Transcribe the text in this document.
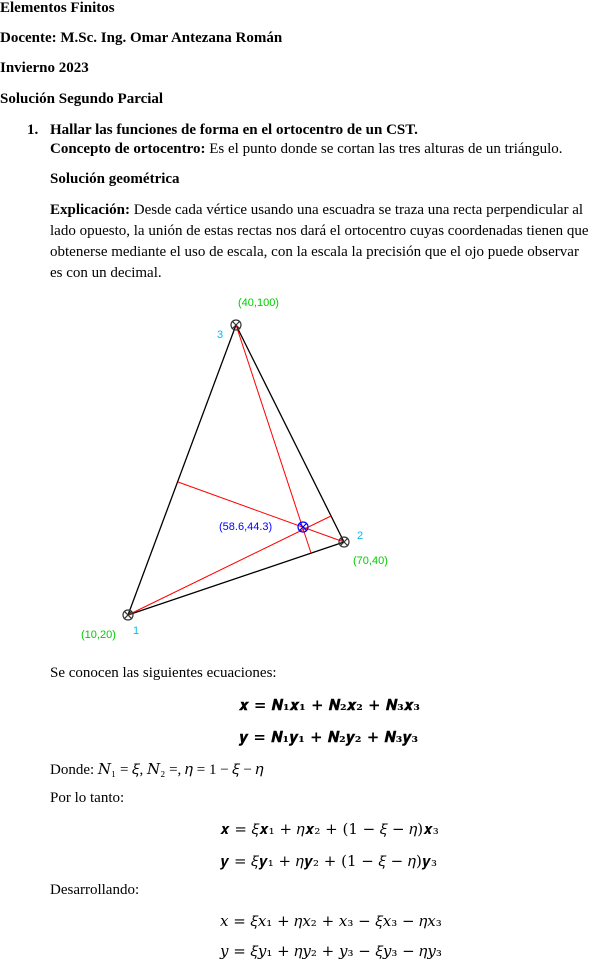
Elementos Finitos
Docente: M.Sc. Ing. Omar Antezana Román
Invierno 2023
Solución Segundo Parcial
1. Hallar las funciones de forma en el ortocentro de un CST.
Concepto de ortocentro: Es el punto donde se cortan las tres alturas de un triángulo.
Solución geométrica
Explicación: Desde cada vértice usando una escuadra se traza una recta perpendicular al lado opuesto, la unión de estas rectas nos dará el ortocentro cuyas coordenadas tienen que obtenerse mediante el uso de escala, con la escala la precisión que el ojo puede observar es con un decimal.
(40,100)
3
(58.6,44.3)
2
(70,40)
(10,20) 1
Se conocen las siguientes ecuaciones:
𝒙 = 𝑵₁𝒙₁ + 𝑵₂𝒙₂ + 𝑵₃𝒙₃
𝒚 = 𝑵₁𝒚₁ + 𝑵₂𝒚₂ + 𝑵₃𝒚₃
Donde: 𝑁₁ = 𝜉, 𝑁₂ =, 𝜂 = 1 − 𝜉 − 𝜂
Por lo tanto:
𝒙 = 𝜉𝒙₁ + 𝜂𝒙₂ + (1 − 𝜉 − 𝜂)𝒙₃
𝒚 = 𝜉𝒚₁ + 𝜂𝒚₂ + (1 − 𝜉 − 𝜂)𝒚₃
Desarrollando:
𝑥 = 𝜉𝑥₁ + 𝜂𝑥₂ + 𝑥₃ − 𝜉𝑥₃ − 𝜂𝑥₃
𝑦 = 𝜉𝑦₁ + 𝜂𝑦₂ + 𝑦₃ − 𝜉𝑦₃ − 𝜂𝑦₃
